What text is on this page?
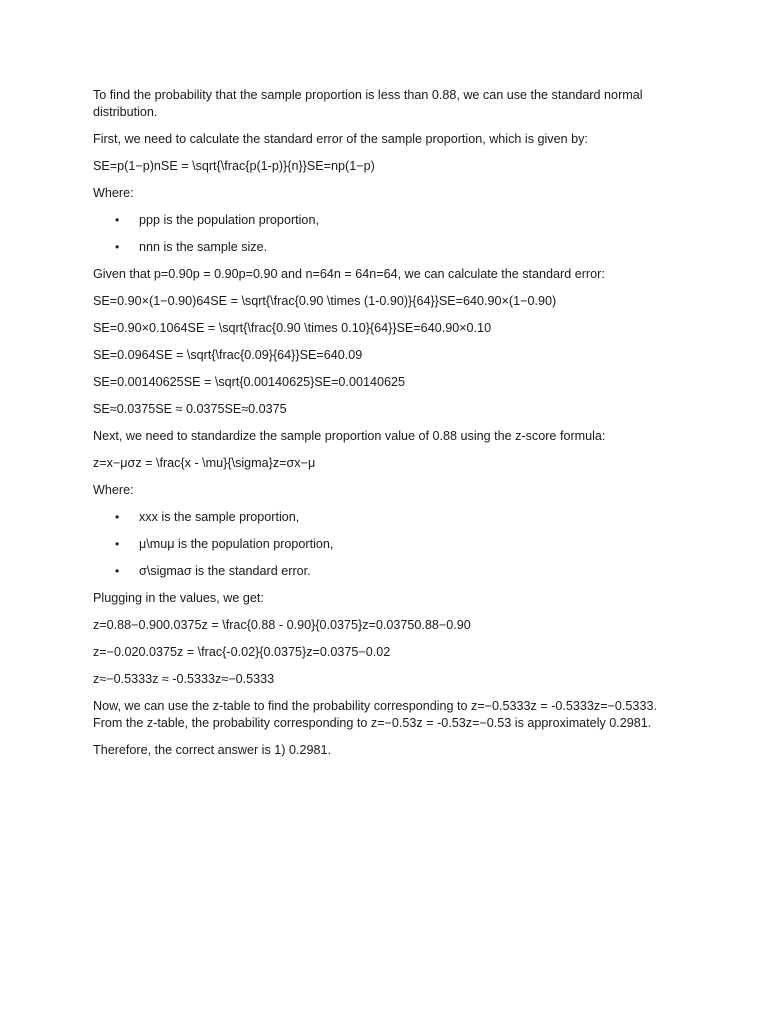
To find the probability that the sample proportion is less than 0.88, we can use the standard normal distribution.

First, we need to calculate the standard error of the sample proportion, which is given by:

SE=p(1−p)nSE = \sqrt{\frac{p(1-p)}{n}}SE=np(1−p)

Where:

• ppp is the population proportion,
• nnn is the sample size.

Given that p=0.90p = 0.90p=0.90 and n=64n = 64n=64, we can calculate the standard error:

SE=0.90×(1−0.90)64SE = \sqrt{\frac{0.90 \times (1-0.90)}{64}}SE=640.90×(1−0.90)

SE=0.90×0.1064SE = \sqrt{\frac{0.90 \times 0.10}{64}}SE=640.90×0.10

SE=0.0964SE = \sqrt{\frac{0.09}{64}}SE=640.09

SE=0.00140625SE = \sqrt{0.00140625}SE=0.00140625

SE≈0.0375SE ≈ 0.0375SE≈0.0375

Next, we need to standardize the sample proportion value of 0.88 using the z-score formula:

z=x−μσz = \frac{x - \mu}{\sigma}z=σx−μ

Where:

• xxx is the sample proportion,
• μ\muμ is the population proportion,
• σ\sigmaσ is the standard error.

Plugging in the values, we get:

z=0.88−0.900.0375z = \frac{0.88 - 0.90}{0.0375}z=0.03750.88−0.90

z=−0.020.0375z = \frac{-0.02}{0.0375}z=0.0375−0.02

z≈−0.5333z ≈ -0.5333z≈−0.5333

Now, we can use the z-table to find the probability corresponding to z=−0.5333z = -0.5333z=−0.5333. From the z-table, the probability corresponding to z=−0.53z = -0.53z=−0.53 is approximately 0.2981.

Therefore, the correct answer is 1) 0.2981.
